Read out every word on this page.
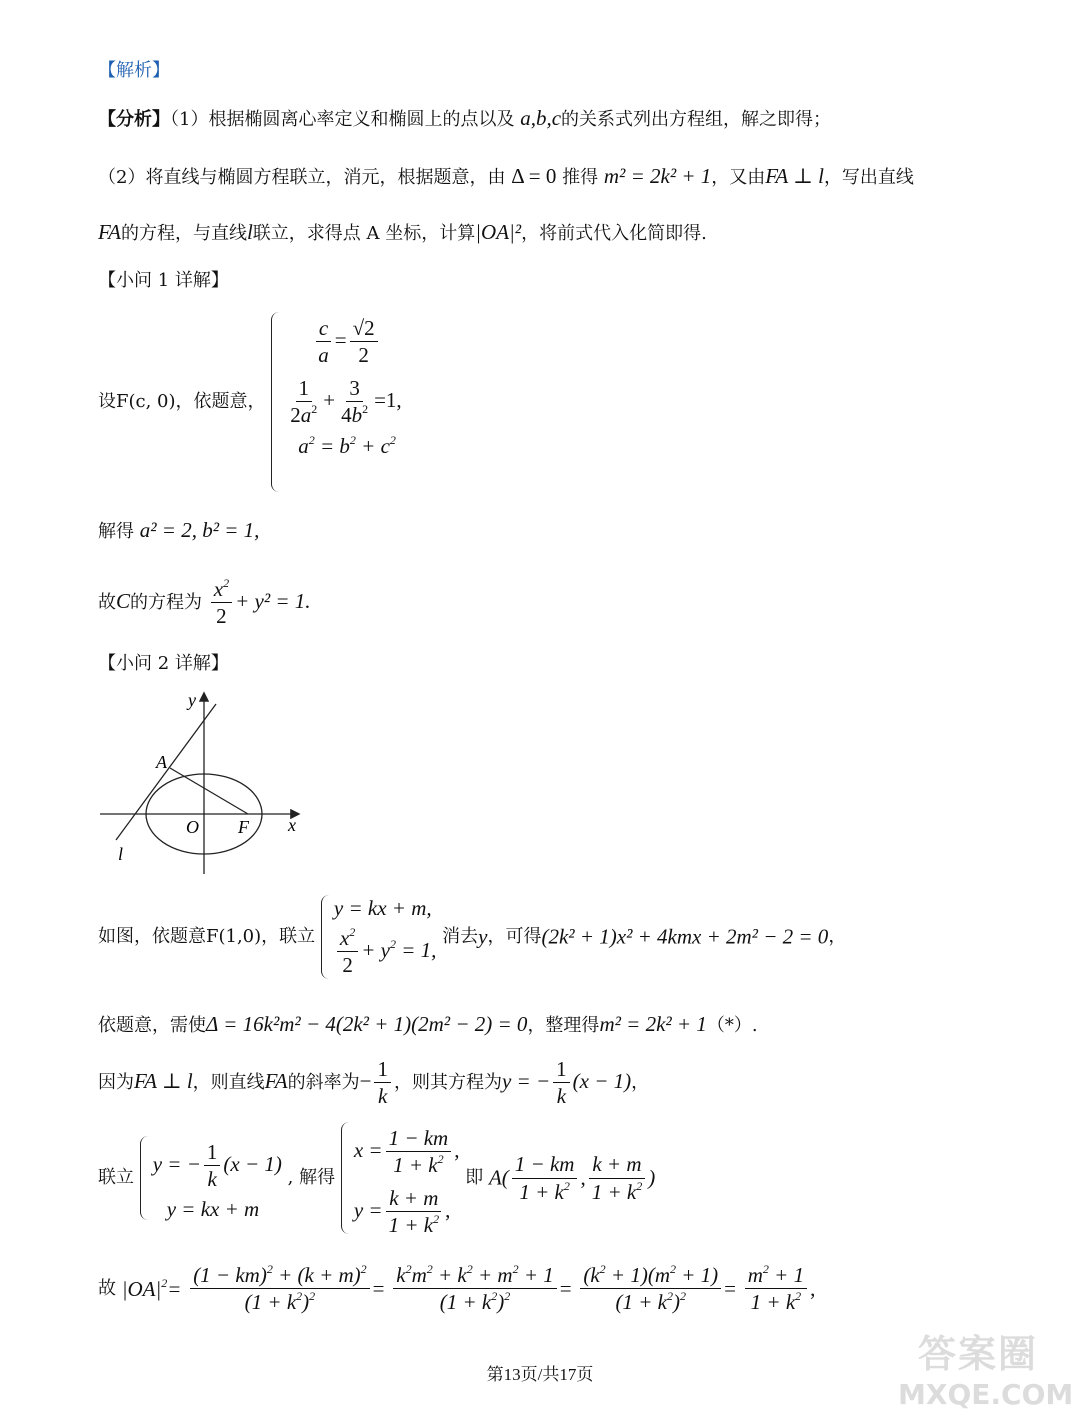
【解析】
【分析】（1）根据椭圆离心率定义和椭圆上的点以及 a,b,c的关系式列出方程组，解之即得；
（2）将直线与椭圆方程联立，消元，根据题意，由 Δ = 0 推得 m² = 2k² + 1，又由FA ⊥ l，写出直线
FA的方程，与直线l联立，求得点 A 坐标，计算|OA|²，将前式代入化简即得.
【小问 1 详解】
设F(c, 0)，依题意，
$\frac{c}{a} = \frac{√2}{2}$
$\frac{1}{2a^2} + \frac{3}{4b^2} =1$,
$a^2 = b^2 + c^2$
解得 a² = 2, b² = 1,
故C的方程为 $\frac{x^2}{2} + y^2 = 1$.
【小问 2 详解】
y
x
A
O F
l
如图，依题意F(1,0)，联立
y = kx + m,
$\frac{x^2}{2} + y^2 = 1$,
消去y，可得(2k² + 1)x² + 4kmx + 2m² − 2 = 0，
依题意，需使Δ = 16k²m² − 4(2k² + 1)(2m² − 2) = 0，整理得m² = 2k² + 1（*）.
因为FA ⊥ l，则直线FA的斜率为− $\frac{1}{k}$ ，则其方程为y = − $\frac{1}{k} (x - 1)$，
联立
y = − $\frac{1}{k} (x - 1)$
y = kx + m
, 解得
$x = \frac{1 - km}{1 + k^2}$ ,
$y = \frac{k + m}{1 + k^2}$ ,
即 $A( \frac{1 - km}{1 + k^2}$ , $\frac{k + m}{1 + k^2}$ )
故 $|OA|^2= \frac{(1 - km)^2 + (k + m)^2}{(1 + k^2)^2} = \frac{k^2m^2 + k^2 + m^2 + 1}{(1 + k^2)^2} = \frac{(k^2 + 1)(m^2 + 1)}{(1 + k^2)^2} = \frac{m^2 + 1}{1 + k^2}$ ,
第13页/共17页	答案圈
MXQE.COM
